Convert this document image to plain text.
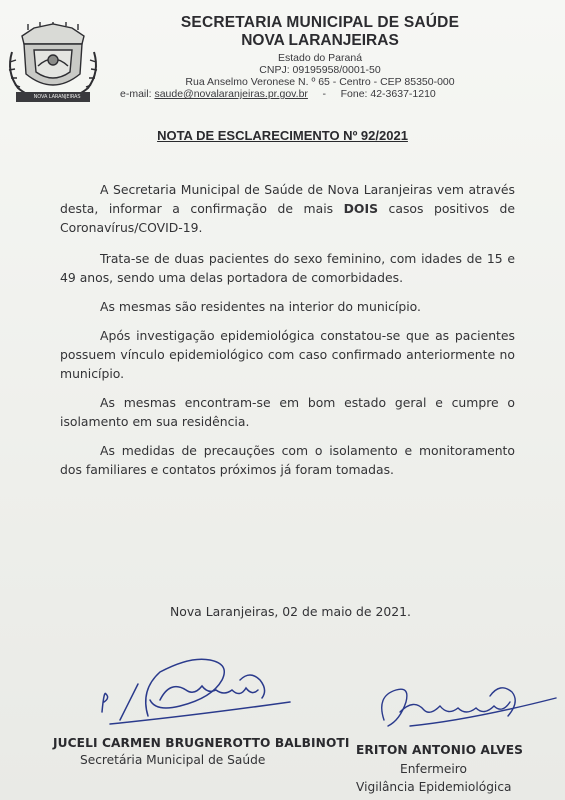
NOVA LARANJEIRAS
SECRETARIA MUNICIPAL DE SAÚDE
NOVA LARANJEIRAS
Estado do Paraná
CNPJ: 09195958/0001-50
Rua Anselmo Veronese N. º 65 - Centro - CEP 85350-000
e-mail: saude@novalaranjeiras.pr.gov.br - Fone: 42-3637-1210
NOTA DE ESCLARECIMENTO Nº 92/2021

A Secretaria Municipal de Saúde de Nova Laranjeiras vem através desta, informar a confirmação de mais DOIS casos positivos de Coronavírus/COVID-19.

Trata-se de duas pacientes do sexo feminino, com idades de 15 e 49 anos, sendo uma delas portadora de comorbidades.

As mesmas são residentes na interior do município.

Após investigação epidemiológica constatou-se que as pacientes possuem vínculo epidemiológico com caso confirmado anteriormente no município.

As mesmas encontram-se em bom estado geral e cumpre o isolamento em sua residência.

As medidas de precauções com o isolamento e monitoramento dos familiares e contatos próximos já foram tomadas.

Nova Laranjeiras, 02 de maio de 2021.
JUCELI CARMEN BRUGNEROTTO BALBINOTI
Secretária Municipal de Saúde
ERITON ANTONIO ALVES
Enfermeiro
Vigilância Epidemiológica
